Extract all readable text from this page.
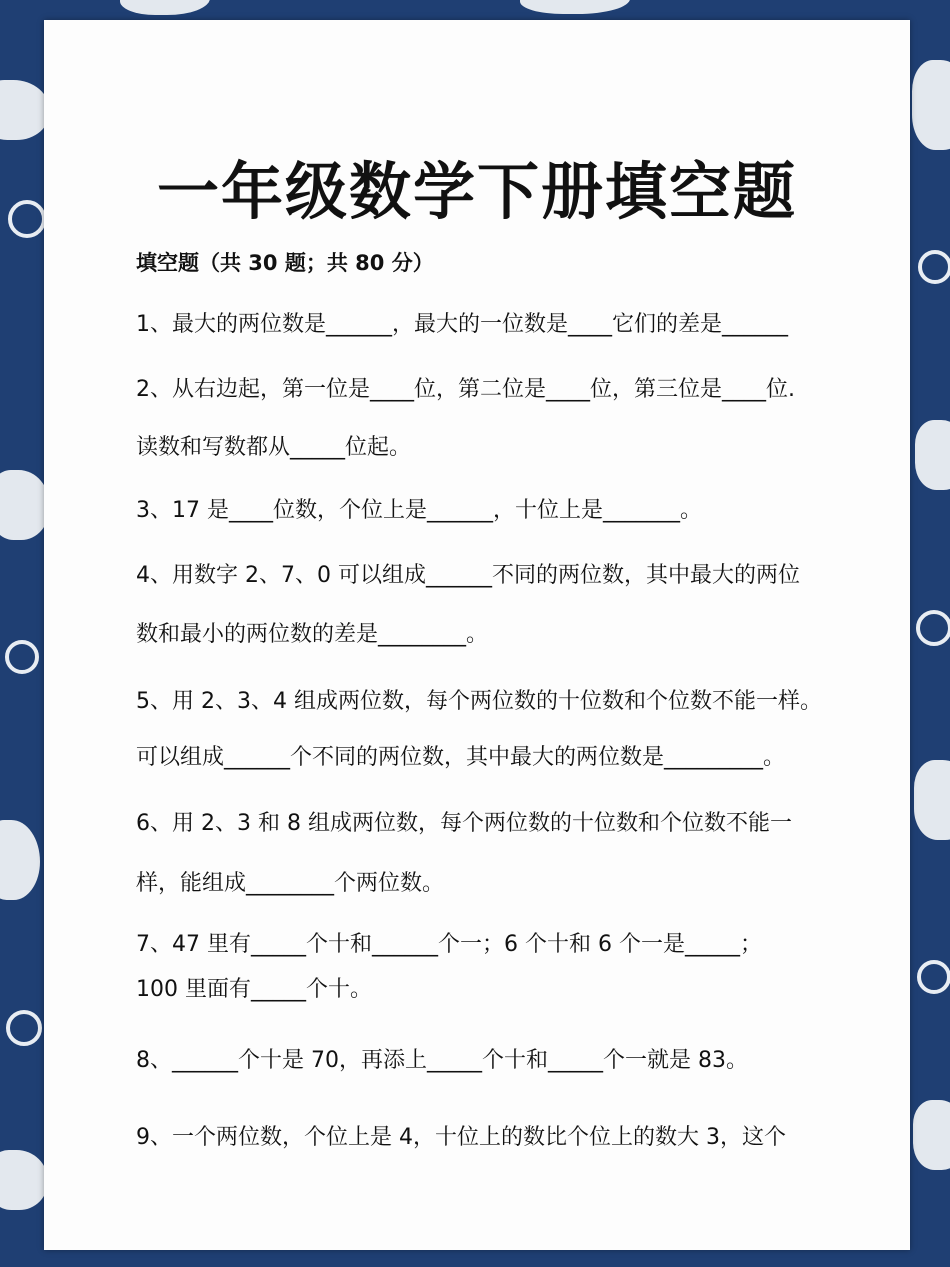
一年级数学下册填空题
填空题（共 30 题；共 80 分）
1、最大的两位数是______，最大的一位数是____它们的差是______
2、从右边起，第一位是____位，第二位是____位，第三位是____位.
读数和写数都从_____位起。
3、17 是____位数，个位上是______，十位上是_______。
4、用数字 2、7、0 可以组成______不同的两位数，其中最大的两位
数和最小的两位数的差是________。
5、用 2、3、4 组成两位数，每个两位数的十位数和个位数不能一样。
可以组成______个不同的两位数，其中最大的两位数是_________。
6、用 2、3 和 8 组成两位数，每个两位数的十位数和个位数不能一
样，能组成________个两位数。
7、47 里有_____个十和______个一；6 个十和 6 个一是_____；
100 里面有_____个十。
8、______个十是 70，再添上_____个十和_____个一就是 83。
9、一个两位数，个位上是 4，十位上的数比个位上的数大 3，这个
